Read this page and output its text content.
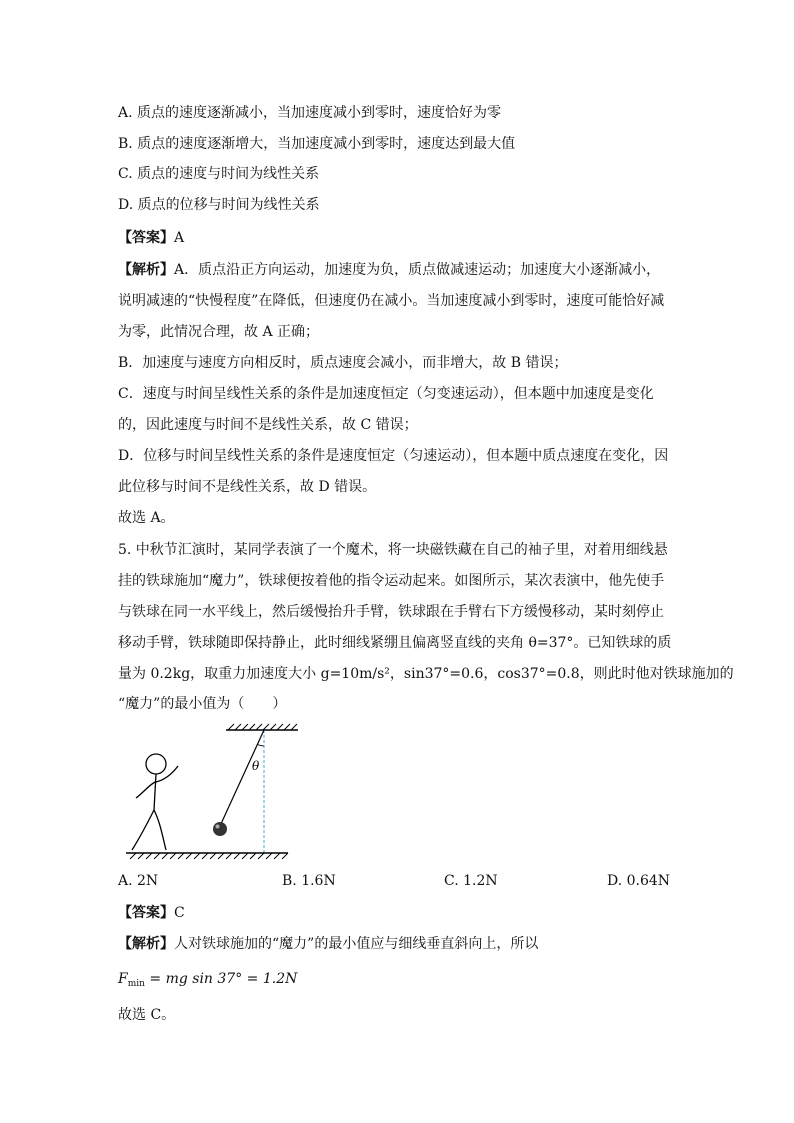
A. 质点的速度逐渐减小，当加速度减小到零时，速度恰好为零
B. 质点的速度逐渐增大，当加速度减小到零时，速度达到最大值
C. 质点的速度与时间为线性关系
D. 质点的位移与时间为线性关系
【答案】A
【解析】A．质点沿正方向运动，加速度为负，质点做减速运动；加速度大小逐渐减小，
说明减速的“快慢程度”在降低，但速度仍在减小。当加速度减小到零时，速度可能恰好减
为零，此情况合理，故 A 正确；
B．加速度与速度方向相反时，质点速度会减小，而非增大，故 B 错误；
C．速度与时间呈线性关系的条件是加速度恒定（匀变速运动），但本题中加速度是变化
的，因此速度与时间不是线性关系，故 C 错误；
D．位移与时间呈线性关系的条件是速度恒定（匀速运动），但本题中质点速度在变化，因
此位移与时间不是线性关系，故 D 错误。
故选 A。
5. 中秋节汇演时，某同学表演了一个魔术，将一块磁铁藏在自己的袖子里，对着用细线悬
挂的铁球施加“魔力”，铁球便按着他的指令运动起来。如图所示，某次表演中，他先使手
与铁球在同一水平线上，然后缓慢抬升手臂，铁球跟在手臂右下方缓慢移动，某时刻停止
移动手臂，铁球随即保持静止，此时细线紧绷且偏离竖直线的夹角 θ=37°。已知铁球的质
量为 0.2kg，取重力加速度大小 g=10m/s²，sin37°=0.6，cos37°=0.8，则此时他对铁球施加的
“魔力”的最小值为（　　）
θ
A. 2N	B. 1.6N	C. 1.2N	D. 0.64N
【答案】C
【解析】人对铁球施加的“魔力”的最小值应与细线垂直斜向上，所以
$F_{min}$ = mg sin 37° = 1.2N
故选 C。
